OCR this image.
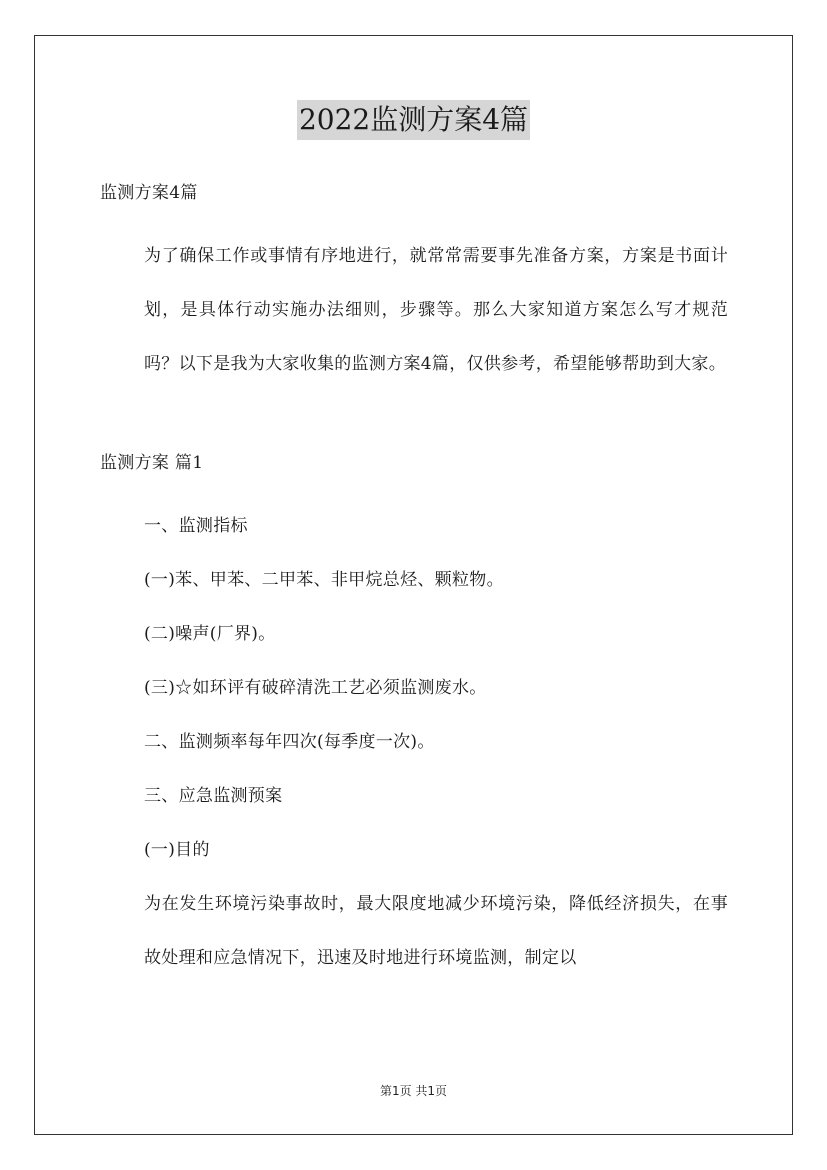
2022监测方案4篇
监测方案4篇
为了确保工作或事情有序地进行，就常常需要事先准备方案，方案是书面计划，是具体行动实施办法细则，步骤等。那么大家知道方案怎么写才规范吗？以下是我为大家收集的监测方案4篇，仅供参考，希望能够帮助到大家。
监测方案 篇1
一、监测指标
(一)苯、甲苯、二甲苯、非甲烷总烃、颗粒物。
(二)噪声(厂界)。
(三)☆如环评有破碎清洗工艺必须监测废水。
二、监测频率每年四次(每季度一次)。
三、应急监测预案
(一)目的
为在发生环境污染事故时，最大限度地减少环境污染，降低经济损失，在事故处理和应急情况下，迅速及时地进行环境监测，制定以
第1页 共1页
